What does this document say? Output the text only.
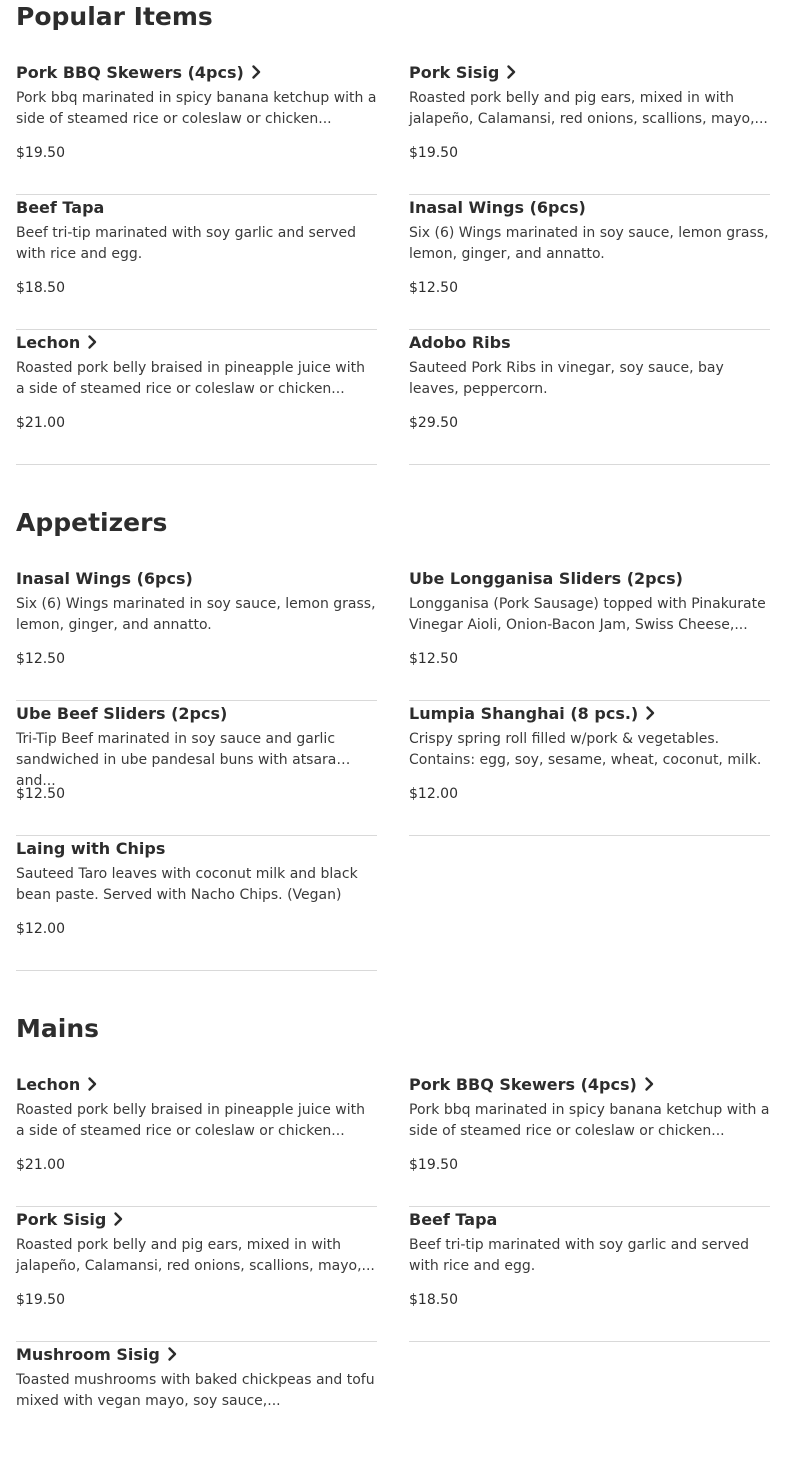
Popular Items
Pork BBQ Skewers (4pcs)
Pork bbq marinated in spicy banana ketchup with a side of steamed rice or coleslaw or chicken...
$19.50
Pork Sisig
Roasted pork belly and pig ears, mixed in with jalapeño, Calamansi, red onions, scallions, mayo,...
$19.50
Beef Tapa
Beef tri-tip marinated with soy garlic and served with rice and egg.
$18.50
Inasal Wings (6pcs)
Six (6) Wings marinated in soy sauce, lemon grass, lemon, ginger, and annatto.
$12.50
Lechon
Roasted pork belly braised in pineapple juice with a side of steamed rice or coleslaw or chicken...
$21.00
Adobo Ribs
Sauteed Pork Ribs in vinegar, soy sauce, bay leaves, peppercorn.
$29.50
Appetizers
Inasal Wings (6pcs)
Six (6) Wings marinated in soy sauce, lemon grass, lemon, ginger, and annatto.
$12.50
Ube Longganisa Sliders (2pcs)
Longganisa (Pork Sausage) topped with Pinakurate Vinegar Aioli, Onion-Bacon Jam, Swiss Cheese,...
$12.50
Ube Beef Sliders (2pcs)
Tri-Tip Beef marinated in soy sauce and garlic sandwiched in ube pandesal buns with atsara and...
$12.50
Lumpia Shanghai (8 pcs.)
Crispy spring roll filled w/pork & vegetables. Contains: egg, soy, sesame, wheat, coconut, milk.
$12.00
Laing with Chips
Sauteed Taro leaves with coconut milk and black bean paste. Served with Nacho Chips. (Vegan)
$12.00
Mains
Lechon
Roasted pork belly braised in pineapple juice with a side of steamed rice or coleslaw or chicken...
$21.00
Pork BBQ Skewers (4pcs)
Pork bbq marinated in spicy banana ketchup with a side of steamed rice or coleslaw or chicken...
$19.50
Pork Sisig
Roasted pork belly and pig ears, mixed in with jalapeño, Calamansi, red onions, scallions, mayo,...
$19.50
Beef Tapa
Beef tri-tip marinated with soy garlic and served with rice and egg.
$18.50
Mushroom Sisig
Toasted mushrooms with baked chickpeas and tofu mixed with vegan mayo, soy sauce,...
